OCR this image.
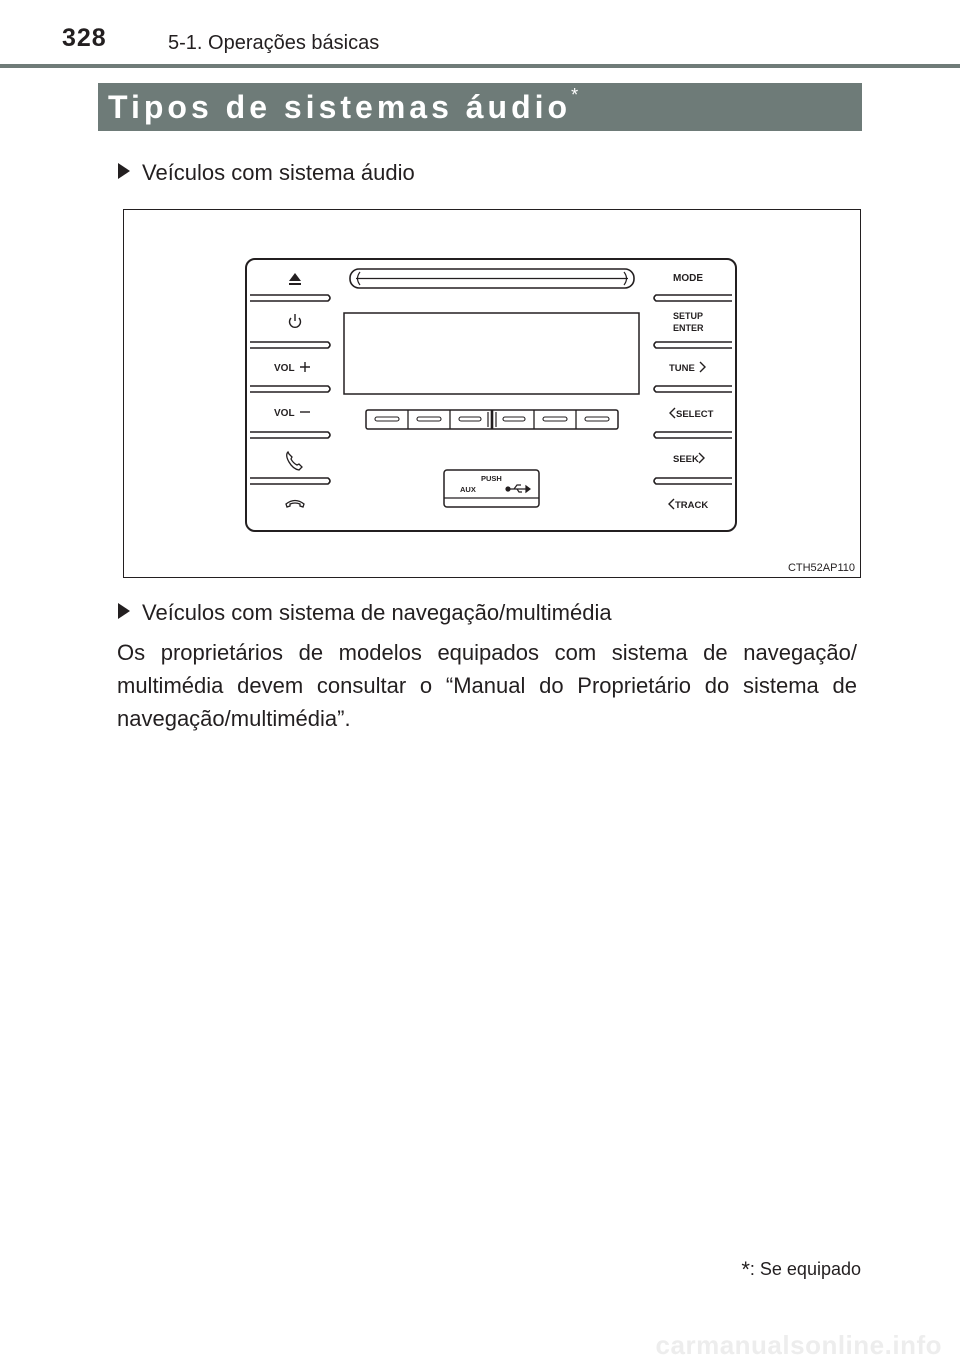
328	5-1. Operações básicas
Tipos de sistemas áudio*
Veículos com sistema áudio
VOL
VOL
MODE
SETUP
ENTER
TUNE
SELECT
SEEK
TRACK
PUSH
AUX
CTH52AP110
Veículos com sistema de navegação/multimédia
Os proprietários de modelos equipados com sistema de navegação/ multimédia devem consultar o “Manual do Proprietário do sistema de navegação/multimédia”.
*: Se equipado
carmanualsonline.info
